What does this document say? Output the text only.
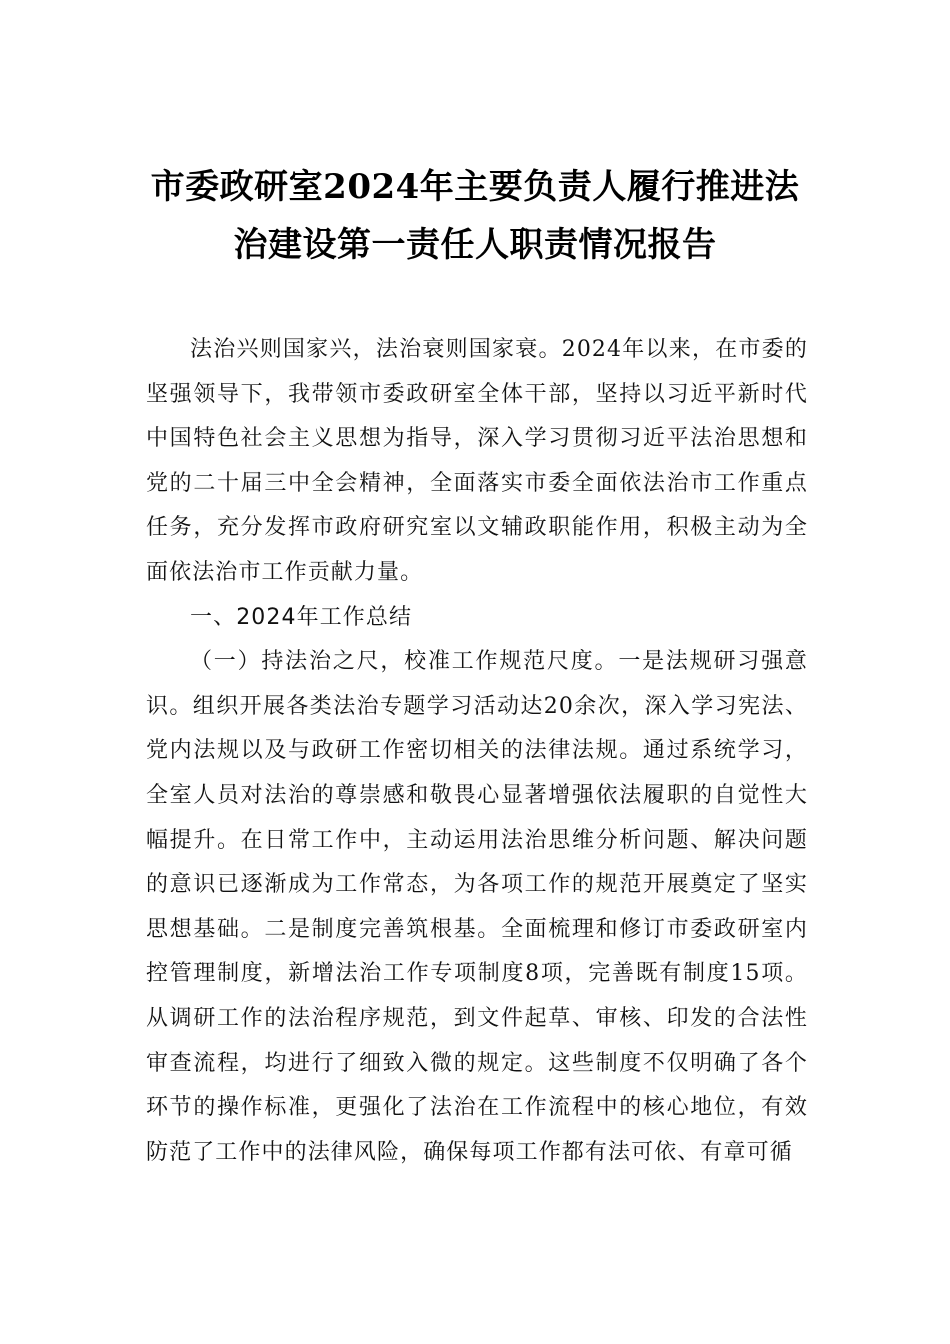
市委政研室2024年主要负责人履行推进法
治建设第一责任人职责情况报告

法治兴则国家兴，法治衰则国家衰。2024年以来，在市委的坚强领导下，我带领市委政研室全体干部，坚持以习近平新时代中国特色社会主义思想为指导，深入学习贯彻习近平法治思想和党的二十届三中全会精神，全面落实市委全面依法治市工作重点任务，充分发挥市政府研究室以文辅政职能作用，积极主动为全面依法治市工作贡献力量。

一、2024年工作总结

（一）持法治之尺，校准工作规范尺度。一是法规研习强意识。组织开展各类法治专题学习活动达20余次，深入学习宪法、党内法规以及与政研工作密切相关的法律法规。通过系统学习，全室人员对法治的尊崇感和敬畏心显著增强依法履职的自觉性大幅提升。在日常工作中，主动运用法治思维分析问题、解决问题的意识已逐渐成为工作常态，为各项工作的规范开展奠定了坚实思想基础。二是制度完善筑根基。全面梳理和修订市委政研室内控管理制度，新增法治工作专项制度8项，完善既有制度15项。从调研工作的法治程序规范，到文件起草、审核、印发的合法性审查流程，均进行了细致入微的规定。这些制度不仅明确了各个环节的操作标准，更强化了法治在工作流程中的核心地位，有效防范了工作中的法律风险，确保每项工作都有法可依、有章可循
